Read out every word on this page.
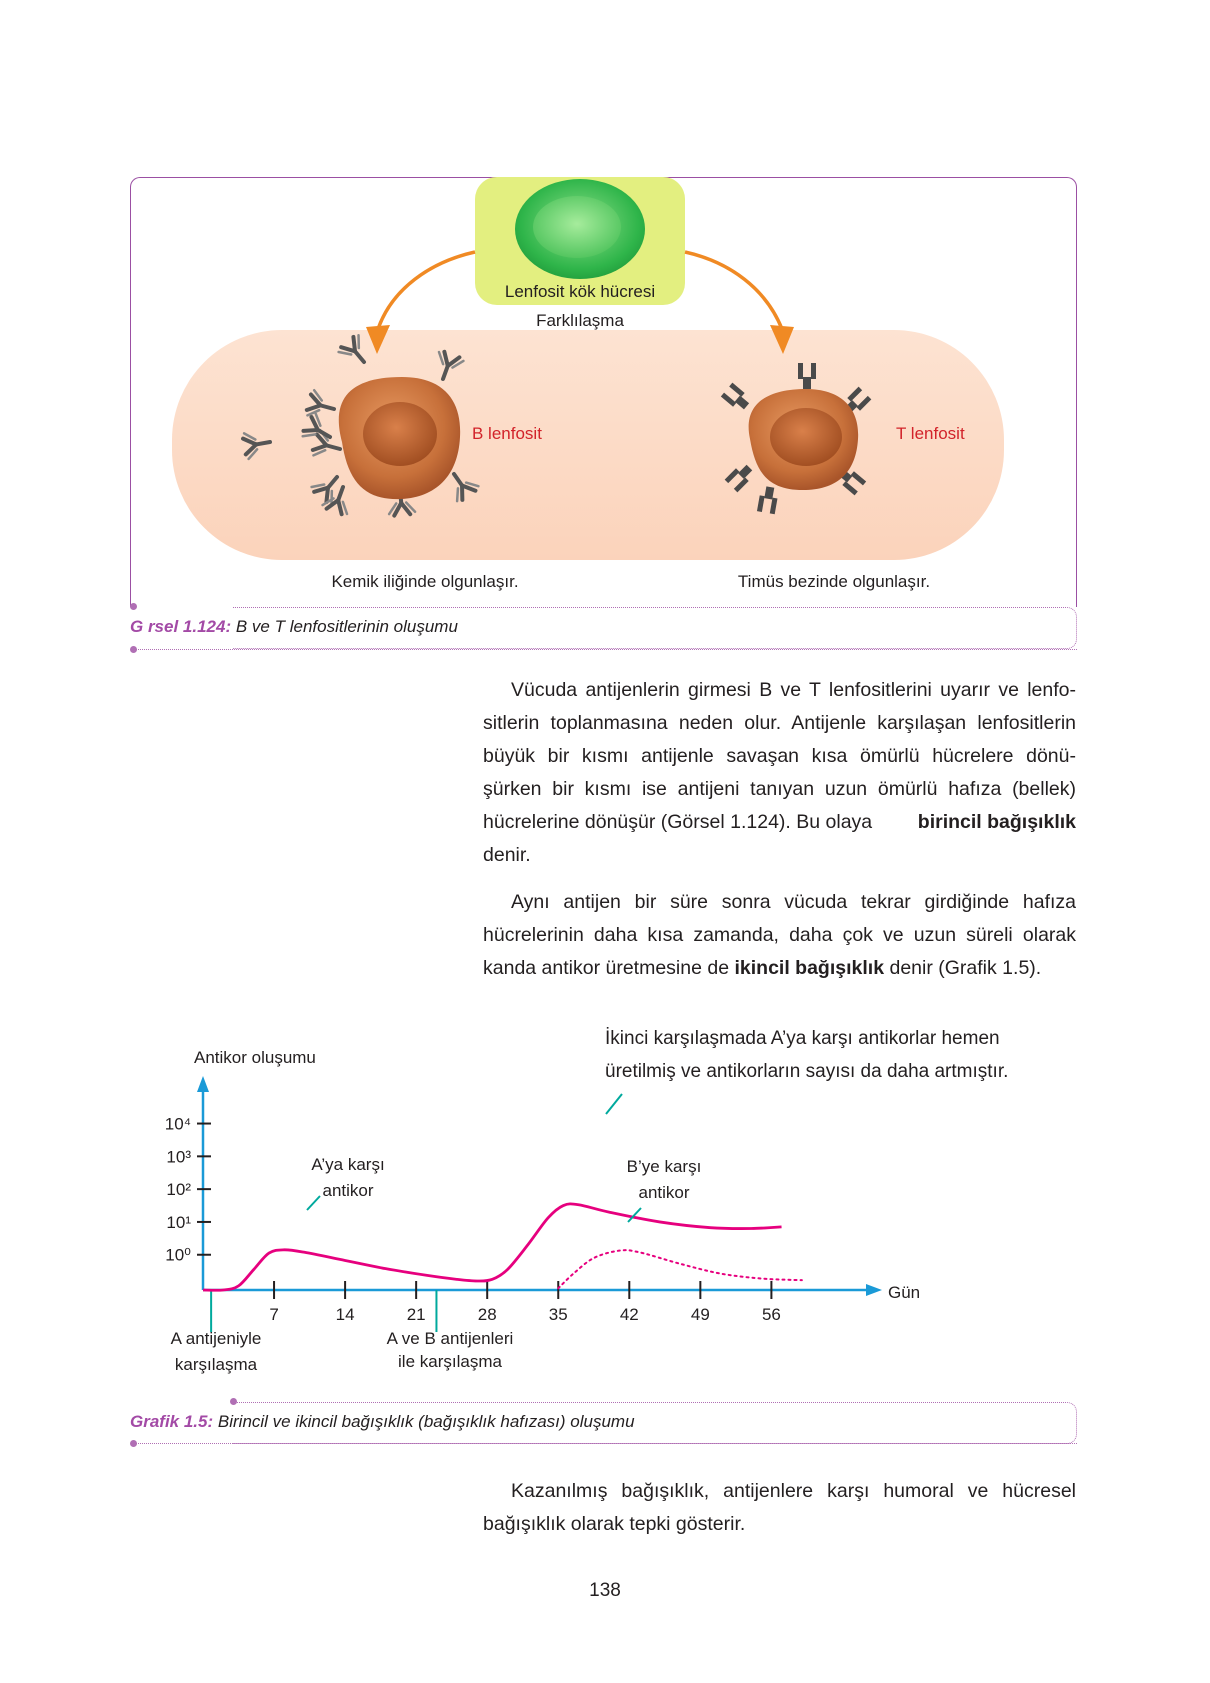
Lenfosit kök hücresi
Farklılaşma
B lenfosit	T lenfosit
Kemik iliğinde olgunlaşır.	Timüs bezinde olgunlaşır.
G rsel 1.124: B ve T lenfositlerinin oluşumu
Vücuda antijenlerin girmesi B ve T lenfositlerini uyarır ve lenfo-
sitlerin toplanmasına neden olur. Antijenle karşılaşan lenfositlerin
büyük bir kısmı antijenle savaşan kısa ömürlü hücrelere dönü-
şürken bir kısmı ise antijeni tanıyan uzun ömürlü hafıza (bellek)
hücrelerine dönüşür (Görsel 1.124). Bu olaya birincil bağışıklık
denir.
Aynı antijen bir süre sonra vücuda tekrar girdiğinde hafıza
hücrelerinin daha kısa zamanda, daha çok ve uzun süreli olarak
kanda antikor üretmesine de ikincil bağışıklık denir (Grafik 1.5).
7	14	21	28	35	42	49	56
10⁰
10¹
10²
10³
10⁴
Antikor oluşumu
Gün
A’ya karşı
antikor
B’ye karşı
antikor
İkinci karşılaşmada A’ya karşı antikorlar hemen
üretilmiş ve antikorların sayısı da daha artmıştır.
A antijeniyle
karşılaşma
A ve B antijenleri
ile karşılaşma
Grafik 1.5: Birincil ve ikincil bağışıklık (bağışıklık hafızası) oluşumu
Kazanılmış bağışıklık, antijenlere karşı humoral ve hücresel
bağışıklık olarak tepki gösterir.
138
